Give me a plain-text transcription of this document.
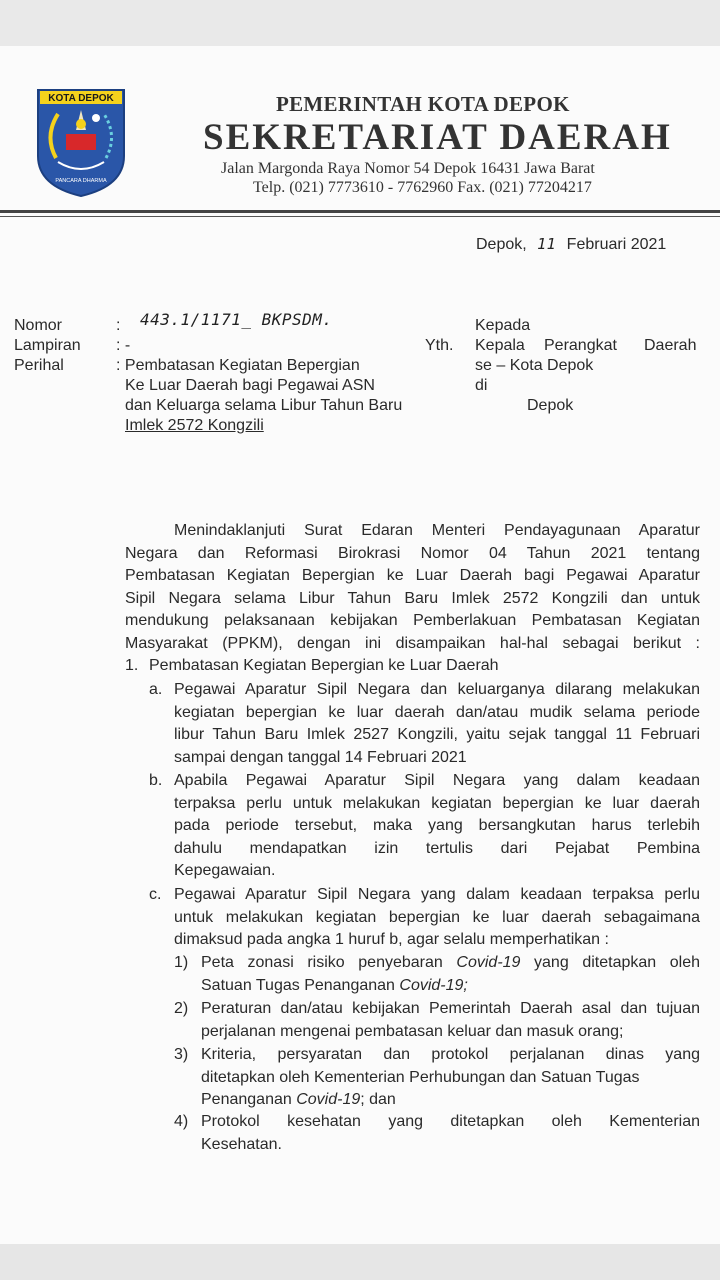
KOTA DEPOK
PANCARA DHARMA
PEMERINTAH KOTA DEPOK
SEKRETARIAT DAERAH
Jalan Margonda Raya Nomor 54 Depok 16431 Jawa Barat
Telp. (021) 7773610 - 7762960 Fax. (021) 77204217
Depok, 11 Februari 2021
Nomor
Lampiran
Perihal
: 443.1/1171_ BKPSDM.
: -
: Pembatasan Kegiatan Bepergian
Ke Luar Daerah bagi Pegawai ASN
dan Keluarga selama Libur Tahun Baru
Imlek 2572 Kongzili
Kepada
Yth. Kepala Perangkat Daerah
se – Kota Depok
di
Depok
Menindaklanjuti Surat Edaran Menteri Pendayagunaan Aparatur
Negara dan Reformasi Birokrasi Nomor 04 Tahun 2021 tentang
Pembatasan Kegiatan Bepergian ke Luar Daerah bagi Pegawai Aparatur
Sipil Negara selama Libur Tahun Baru Imlek 2572 Kongzili dan untuk
mendukung pelaksanaan kebijakan Pemberlakuan Pembatasan Kegiatan
Masyarakat (PPKM), dengan ini disampaikan hal-hal sebagai berikut :
1. Pembatasan Kegiatan Bepergian ke Luar Daerah
a. Pegawai Aparatur Sipil Negara dan keluarganya dilarang melakukan
kegiatan bepergian ke luar daerah dan/atau mudik selama periode
libur Tahun Baru Imlek 2527 Kongzili, yaitu sejak tanggal 11 Februari
sampai dengan tanggal 14 Februari 2021
b. Apabila Pegawai Aparatur Sipil Negara yang dalam keadaan
terpaksa perlu untuk melakukan kegiatan bepergian ke luar daerah
pada periode tersebut, maka yang bersangkutan harus terlebih
dahulu mendapatkan izin tertulis dari Pejabat Pembina
Kepegawaian.
c. Pegawai Aparatur Sipil Negara yang dalam keadaan terpaksa perlu
untuk melakukan kegiatan bepergian ke luar daerah sebagaimana
dimaksud pada angka 1 huruf b, agar selalu memperhatikan :
1) Peta zonasi risiko penyebaran Covid-19 yang ditetapkan oleh
Satuan Tugas Penanganan Covid-19;
2) Peraturan dan/atau kebijakan Pemerintah Daerah asal dan tujuan
perjalanan mengenai pembatasan keluar dan masuk orang;
3) Kriteria, persyaratan dan protokol perjalanan dinas yang
ditetapkan oleh Kementerian Perhubungan dan Satuan Tugas
Penanganan Covid-19; dan
4) Protokol kesehatan yang ditetapkan oleh Kementerian
Kesehatan.
